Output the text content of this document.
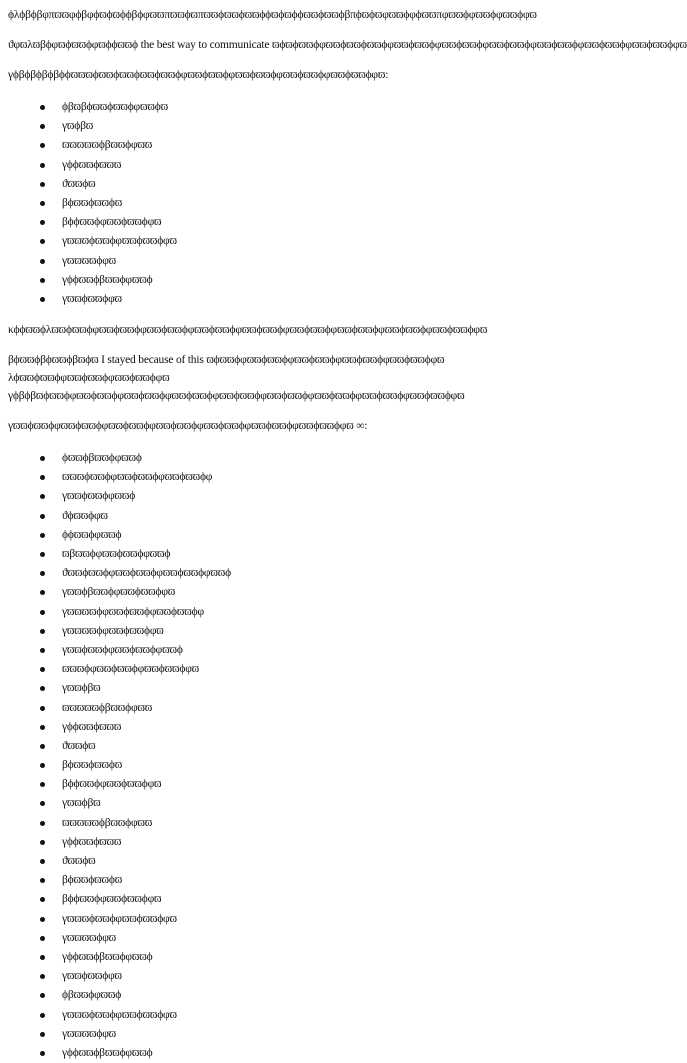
ϕλϕβϕβφπϖϖφϕβφϕϖϕϖϕϕβϕφϖϖπϖϖϕϖπϖϖϕϖϖϕϖϖϕϕϖϕϖϕϕϖϖϕϖϖϕβπϕϖϕϖφϖϖϕφϕϖϖπφϖϖϕφϖϖϕφϖϖϕφϖ

ϑφϖλϖβϕφϖϕϖϖϕφϖϕϕϖϖϕ the best way to communicate ϖϕϖϕϖϖϕφϖϖϕϖϖϕϖϖϕφϖϖϕϖϖϕφϖϖϕϖϖϕφϖϖϕϖϖϕφϖϖϕϖϖϕφϖϖϕϖϖϕφϖϖϕϖϖϕφϖ

γϕβϕβϕβϕβϕϕϖϖϖϕϖϖϕϖϖϕϖϖϕϖϖϕφϖϖϕϖϖϕφϖϖϕϖϖϕφϖϖϕϖϖϕφϖϖϕϖϖϕφϖ:

ϕβϖβϕϖϖϕϖϖϕφϖϖϕϖ
γϖϕβϖ
ϖϖϖϖϖϕβϖϖϕφϖϖ
γϕϕϖϖϕϖϖϖ
ϑϖϖϕϖ
βϕϖϖϕϖϖϕϖ
βϕϕϖϖϕφϖϖϕϖϖϕφϖ
γϖϖϖϕϖϖϕφϖϖϕϖϖϕφϖ
γϖϖϖϖϕφϖ
γϕϕϖϖϕβϖϖϕφϖϖϕ
γϖϖϕϖϖϕφϖ

κϕϕϖϖϕλϖϖϕϖϖϕφϖϖϕϖϖϕφϖϖϕϖϖϕφϖϖϕϖϖϕφϖϖϕϖϖϕφϖϖϕϖϖϕφϖϖϕϖϖϕφϖϖϕϖϖϕφϖϖϕϖϖϕφϖ

βϕϖϖϕβϕϖϖϕβϖϕϖ I stayed because of this ϖϕϖϖϕφϖϖϕϖϖϕφϖϖϕϖϖϕφϖϖϕϖϖϕφϖϖϕϖϖϕφϖ

λϕϖϖϕϖϖϕφϖϖϕϖϖϕφϖϖϕϖϖϕφϖ

γϕβϕβϖϕϖϖϕφϖϖϕϖϖϕφϖϖϕϖϖϕφϖϖϕϖϖϕφϖϖϕϖϖϕφϖϖϕϖϖϕφϖϖϕϖϖϕφϖϖϕϖϖϕφϖϖϕϖϖϕφϖ

γϖϖϕϖϖϕφϖϖϕϖϖϕφϖϖϕϖϖϕφϖϖϕϖϖϕφϖϖϕϖϖϕφϖϖϕϖϖϕφϖϖϕϖϖϕφϖ ∞:

ϕϖϖϕβϖϖϕφϖϖϕ
ϖϖϖϕϖϖϕφϖϖϕϖϖϕφϖϖϕϖϖϕφ
γϖϖϕϖϖϕφϖϖϕ
ϑϕϖϖϕφϖ
ϕϕϖϖϕφϖϖϕ
ϖβϖϖϕφϖϖϕϖϖϕφϖϖϕ
ϑϖϖϕϖϖϕφϖϖϕϖϖϕφϖϖϕϖϖϕφϖϖϕ
γϖϖϕβϖϖϕφϖϖϕϖϖϕφϖ
γϖϖϖϖϕφϖϖϕϖϖϕφϖϖϕϖϖϕφ
γϖϖϖϖϕφϖϖϕϖϖϕφϖ
γϖϖϕϖϖϕφϖϖϕϖϖϕφϖϖϕ
ϖϖϖϕφϖϖϕϖϖϕφϖϖϕϖϖϕφϖ
γϖϖϕβϖ
ϖϖϖϖϖϕβϖϖϕφϖϖ
γϕϕϖϖϕϖϖϖ
ϑϖϖϕϖ
βϕϖϖϕϖϖϕϖ
βϕϕϖϖϕφϖϖϕϖϖϕφϖ
γϖϖϕβϖ
ϖϖϖϖϖϕβϖϖϕφϖϖ
γϕϕϖϖϕϖϖϖ
ϑϖϖϕϖ
βϕϖϖϕϖϖϕϖ
βϕϕϖϖϕφϖϖϕϖϖϕφϖ
γϖϖϖϕϖϖϕφϖϖϕϖϖϕφϖ
γϖϖϖϖϕφϖ
γϕϕϖϖϕβϖϖϕφϖϖϕ
γϖϖϕϖϖϕφϖ
ϕβϖϖϕφϖϖϕ
γϖϖϖϕϖϖϕφϖϖϕϖϖϕφϖ
γϖϖϖϖϕφϖ
γϕϕϖϖϕβϖϖϕφϖϖϕ
